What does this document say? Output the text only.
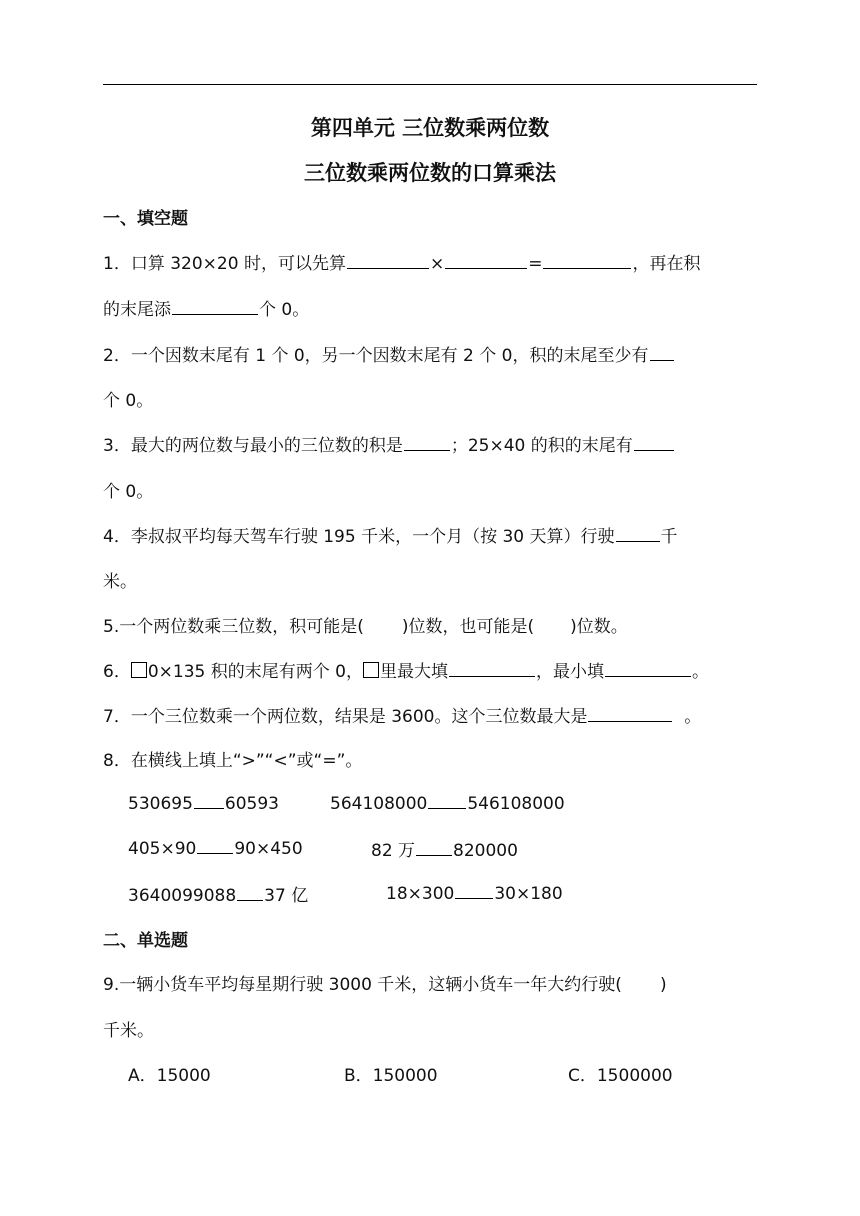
第四单元 三位数乘两位数
三位数乘两位数的口算乘法
一、填空题
1．口算 320×20 时，可以先算	×	=	，再在积
的末尾添	个 0。
2．一个因数末尾有 1 个 0，另一个因数末尾有 2 个 0，积的末尾至少有
个 0。
3．最大的两位数与最小的三位数的积是	；25×40 的积的末尾有
个 0。
4．李叔叔平均每天驾车行驶 195 千米，一个月（按 30 天算）行驶	千
米。
5.一个两位数乘三位数，积可能是( )位数，也可能是( )位数。
6． 0×135 积的末尾有两个 0， 里最大填	，最小填	。
7．一个三位数乘一个两位数，结果是 3600。这个三位数最大是	。
8．在横线上填上“>”“<”或“=”。
530695 60593	564108000 546108000
405×90 90×450	82 万 820000
3640099088 37 亿	18×300 30×180
二、单选题
9.一辆小货车平均每星期行驶 3000 千米，这辆小货车一年大约行驶( )
千米。
A．15000	B．150000	C．1500000
